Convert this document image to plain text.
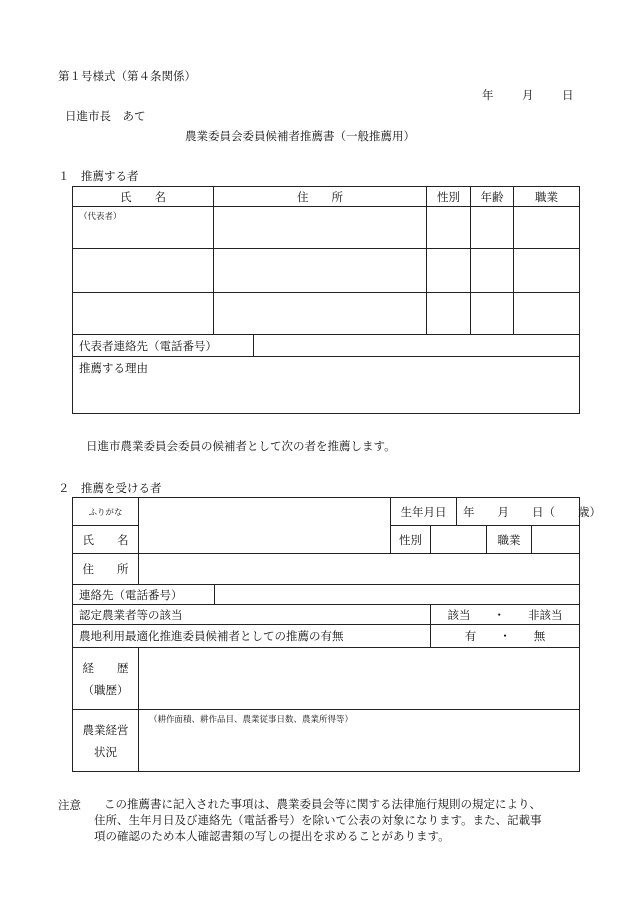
第１号様式（第４条関係）
年 月 日
日進市長　あて
農業委員会委員候補者推薦書（一般推薦用）
１　推薦する者
氏　　名	住　　所		性別	年齢	職業
（代表者）					

代表者連絡先（電話番号）					
推薦する理由					
日進市農業委員会委員の候補者として次の者を推薦します。
２　推薦を受ける者
ふりがな			生年月日		年　　月　　日（　　歳）		
氏　　名			性別			職業	
住　　所							
連絡先（電話番号）							
認定農業者等の該当				該当　　・　　非該当			
農地利用最適化推進委員候補者としての推薦の有無				有　　・　　無			

経　　歴
（職歴）							

農業経営
状況	（耕作面積、耕作品目、農業従事日数、農業所得等）						
注意 この推薦書に記入された事項は、農業委員会等に関する法律施行規則の規定により、
住所、生年月日及び連絡先（電話番号）を除いて公表の対象になります。また、記載事
項の確認のため本人確認書類の写しの提出を求めることがあります。
